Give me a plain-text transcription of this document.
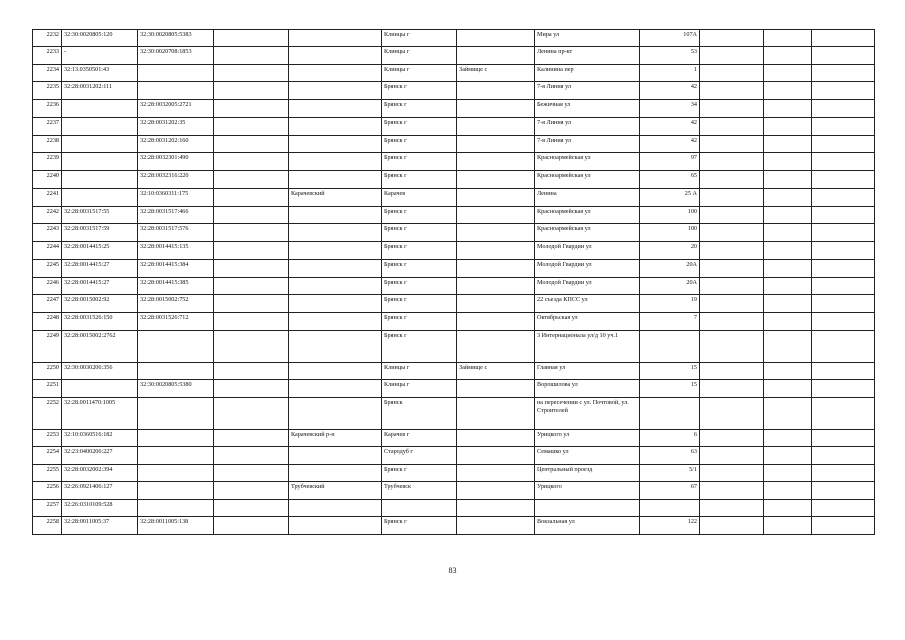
2232	32:30:0020805:120	32:30:0020805:5383			Клинцы г		Мира ул	107А			
2233	-	32:30:0020708:1853			Клинцы г		Ленина пр-кт	53			
2234	32:13.0350501:43				Клинцы г	Займище с	Калинина пер	1			
2235	32:28:0031202:111				Брянск г		7-я Линия ул	42			
2236		32:28:0032005:2721			Брянск г		Бежичная ул	34			
2237		32:28:0031202:35			Брянск г		7-я Линия ул	42			
2238		32:28:0031202:160			Брянск г		7-я Линия ул	42			
2239		32:28:0032301:490			Брянск г		Красноармейская ул	97			
2240		32:28:0032316:220			Брянск г		Красноармейская ул	65			
2241		32:10:0360311:175		Карачевский	Карачев		Ленина	25 А			
2242	32:28:0031517:55	32:28:0031517:466			Брянск г		Красноармейская ул	100			
2243	32:28:0031517:59	32:28:0031517:576			Брянск г		Красноармейская ул	100			
2244	32:28:0014415:25	32:28:0014415:135			Брянск г		Молодой Гвардии ул	20			
2245	32:28:0014415:27	32:28:0014415:384			Брянск г		Молодой Гвардии ул	20А			
2246	32:28:0014415:27	32:28:0014415:385			Брянск г		Молодой Гвардии ул	20А			
2247	32:28:0015002:92	32:28:0015002:752			Брянск г		22 съезда КПСС ул	19			
2248	32:28:0031526:150	32:28:0031526:712			Брянск г		Октябрьская ул	7			
2249	32:28:0015002:2762				Брянск г		3 Интернационала ул/д 10 уч.1				
2250	32:30:0030206:356				Клинцы г	Займище с	Главная ул	15			
2251		32:30:0020805:5380			Клинцы г		Ворошилова ул	15			
2252	32:28.0011470:1005				Брянск		на пересечении с ул. Почтовой, ул. Строителей				
2253	32:10:0360516:182			Карачевский р-н	Карачев г		Урицкого ул	6			
2254	32:23:0400206:227				Стародуб г		Семашко ул	63			
2255	32:28:0032002:394				Брянск г		Центральный проезд	5/1			
2256	32:26:0921406:127			Трубчевский	Трубчевск		Урицкого	67			
2257	32:26:0310109:528										
2258	32:28:0011005:37	32:28:0011005:138			Брянск г		Вокзальная ул	122			
83
